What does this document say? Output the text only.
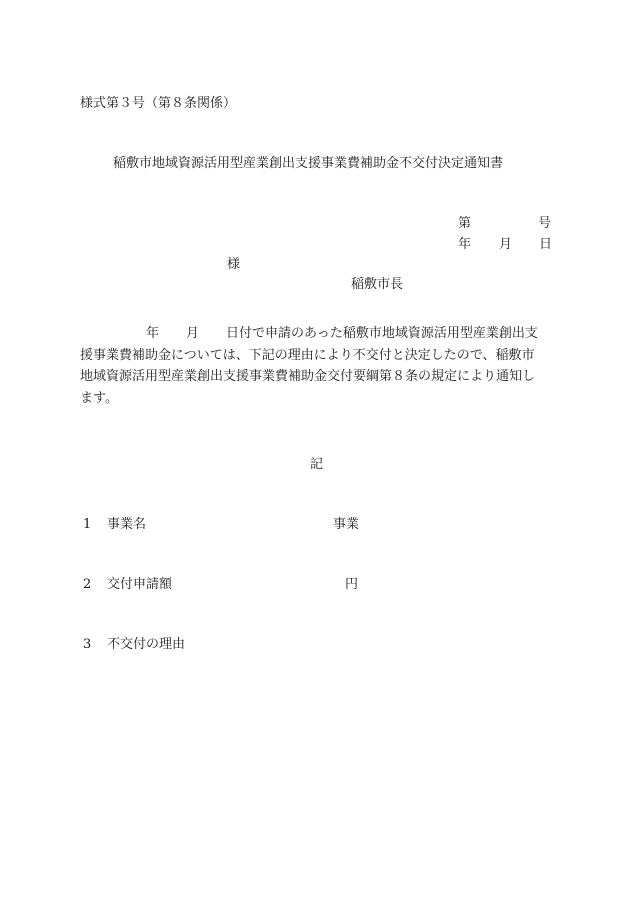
様式第３号（第８条関係）
稲敷市地域資源活用型産業創出支援事業費補助金不交付決定通知書
第	号
年 月 日
様
稲敷市長
年 月 日付で申請のあった稲敷市地域資源活用型産業創出支
援事業費補助金については、下記の理由により不交付と決定したので、稲敷市
地域資源活用型産業創出支援事業費補助金交付要綱第８条の規定により通知し
ます。
記
1 事業名	事業
2 交付申請額	円
3 不交付の理由
